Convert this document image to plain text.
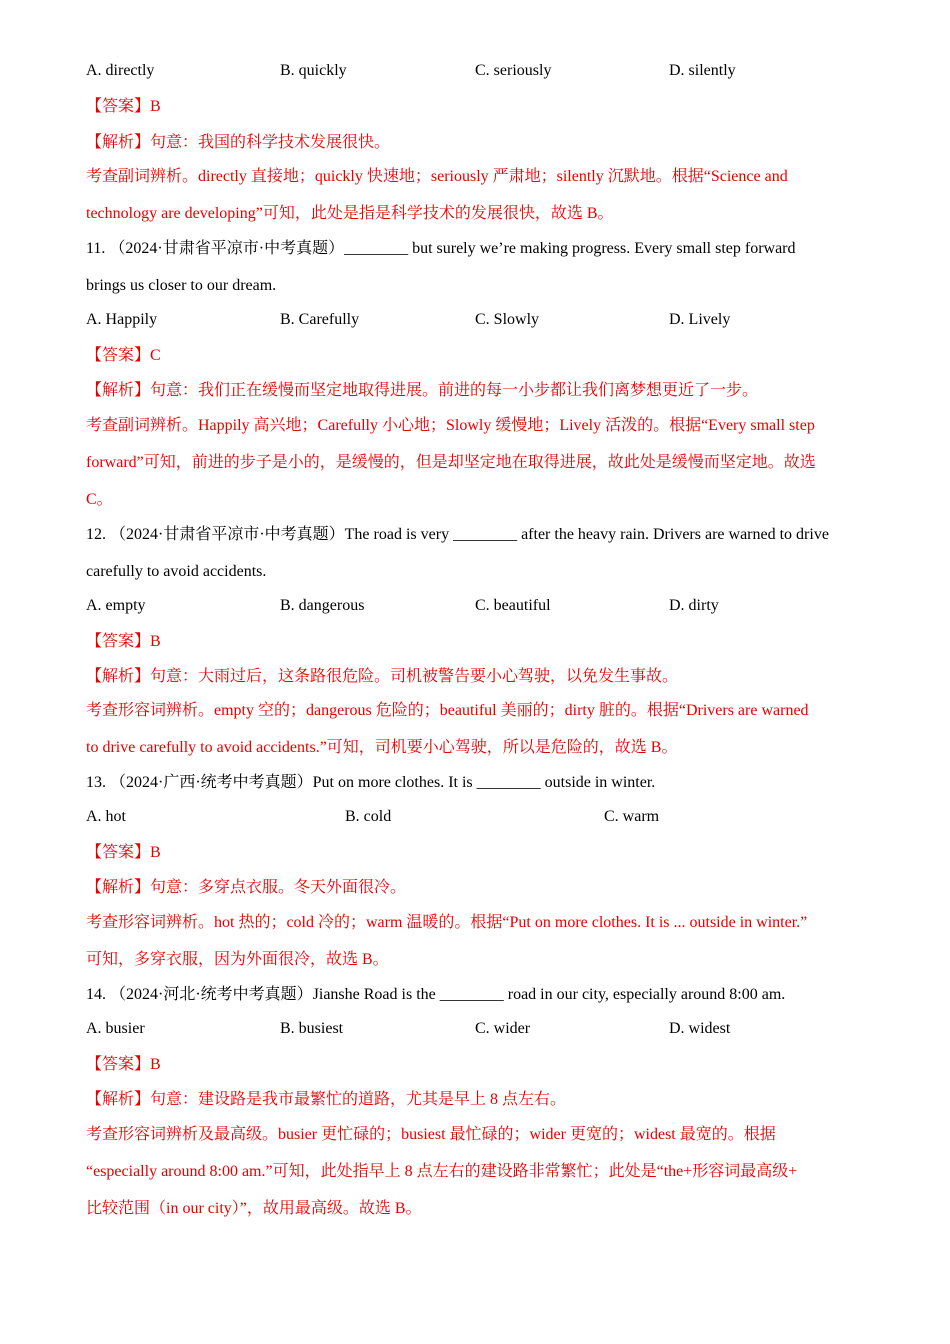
A. directly	B. quickly	C. seriously	D. silently
【答案】B
【解析】句意：我国的科学技术发展很快。
考查副词辨析。directly 直接地；quickly 快速地；seriously 严肃地；silently 沉默地。根据“Science and
technology are developing”可知，此处是指是科学技术的发展很快，故选 B。
11. （2024·甘肃省平凉市·中考真题）________ but surely we’re making progress. Every small step forward
brings us closer to our dream.
A. Happily	B. Carefully	C. Slowly	D. Lively
【答案】C
【解析】句意：我们正在缓慢而坚定地取得进展。前进的每一小步都让我们离梦想更近了一步。
考查副词辨析。Happily 高兴地；Carefully 小心地；Slowly 缓慢地；Lively 活泼的。根据“Every small step
forward”可知，前进的步子是小的，是缓慢的，但是却坚定地在取得进展，故此处是缓慢而坚定地。故选
C。
12. （2024·甘肃省平凉市·中考真题）The road is very ________ after the heavy rain. Drivers are warned to drive
carefully to avoid accidents.
A. empty	B. dangerous	C. beautiful	D. dirty
【答案】B
【解析】句意：大雨过后，这条路很危险。司机被警告要小心驾驶，以免发生事故。
考查形容词辨析。empty 空的；dangerous 危险的；beautiful 美丽的；dirty 脏的。根据“Drivers are warned
to drive carefully to avoid accidents.”可知，司机要小心驾驶，所以是危险的，故选 B。
13. （2024·广西·统考中考真题）Put on more clothes. It is ________ outside in winter.
A. hot	B. cold	C. warm
【答案】B
【解析】句意：多穿点衣服。冬天外面很冷。
考查形容词辨析。hot 热的；cold 冷的；warm 温暖的。根据“Put on more clothes. It is ... outside in winter.”
可知，多穿衣服，因为外面很冷，故选 B。
14. （2024·河北·统考中考真题）Jianshe Road is the ________ road in our city, especially around 8:00 am.
A. busier	B. busiest	C. wider	D. widest
【答案】B
【解析】句意：建设路是我市最繁忙的道路，尤其是早上 8 点左右。
考查形容词辨析及最高级。busier 更忙碌的；busiest 最忙碌的；wider 更宽的；widest 最宽的。根据
“especially around 8:00 am.”可知，此处指早上 8 点左右的建设路非常繁忙；此处是“the+形容词最高级+
比较范围（in our city）”，故用最高级。故选 B。
